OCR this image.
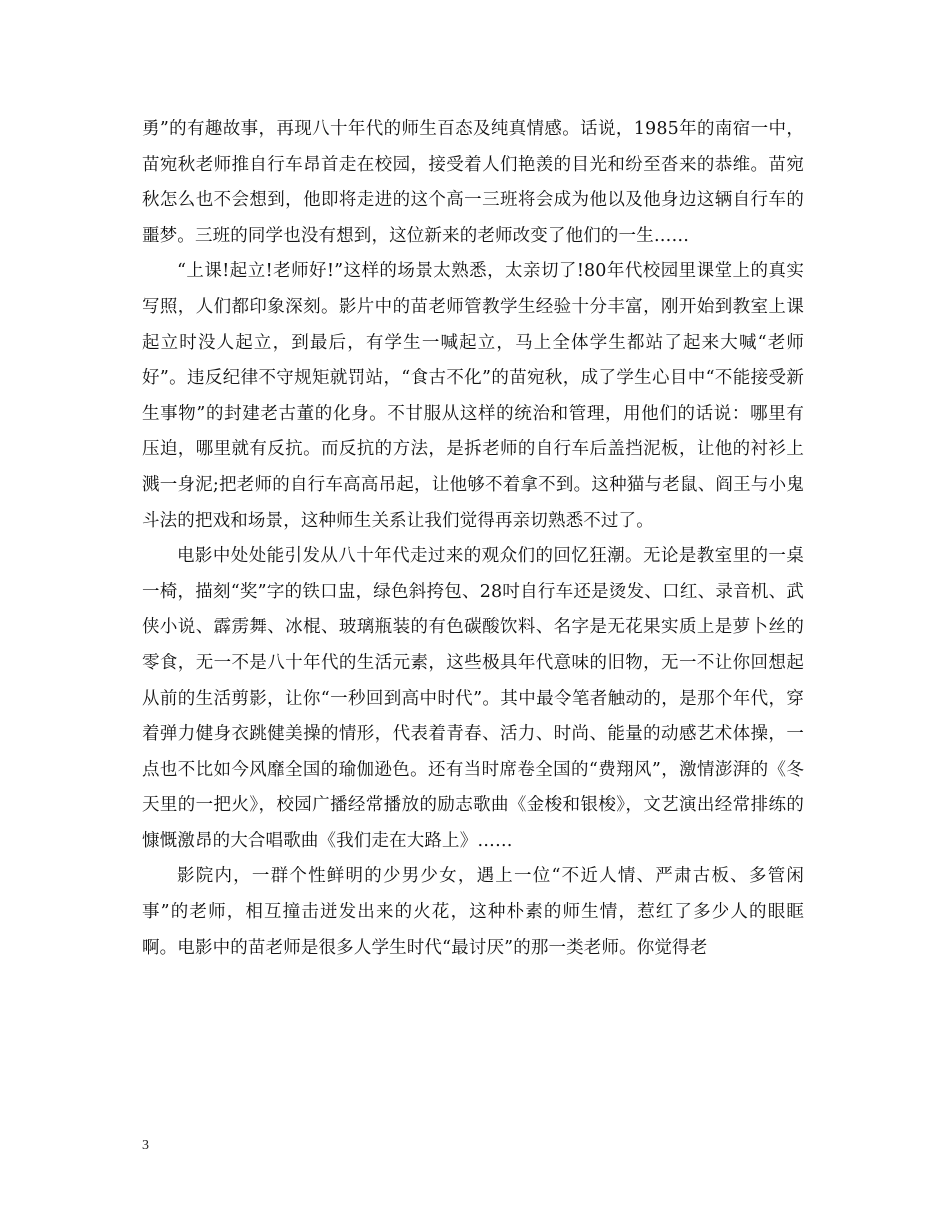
勇”的有趣故事，再现八十年代的师生百态及纯真情感。话说，1985年的南宿一中，苗宛秋老师推自行车昂首走在校园，接受着人们艳羡的目光和纷至沓来的恭维。苗宛秋怎么也不会想到，他即将走进的这个高一三班将会成为他以及他身边这辆自行车的噩梦。三班的同学也没有想到，这位新来的老师改变了他们的一生……

“上课!起立!老师好!”这样的场景太熟悉，太亲切了!80年代校园里课堂上的真实写照，人们都印象深刻。影片中的苗老师管教学生经验十分丰富，刚开始到教室上课起立时没人起立，到最后，有学生一喊起立，马上全体学生都站了起来大喊“老师好”。违反纪律不守规矩就罚站，“食古不化”的苗宛秋，成了学生心目中“不能接受新生事物”的封建老古董的化身。不甘服从这样的统治和管理，用他们的话说：哪里有压迫，哪里就有反抗。而反抗的方法，是拆老师的自行车后盖挡泥板，让他的衬衫上溅一身泥;把老师的自行车高高吊起，让他够不着拿不到。这种猫与老鼠、阎王与小鬼斗法的把戏和场景，这种师生关系让我们觉得再亲切熟悉不过了。

电影中处处能引发从八十年代走过来的观众们的回忆狂潮。无论是教室里的一桌一椅，描刻“奖”字的铁口盅，绿色斜挎包、28吋自行车还是烫发、口红、录音机、武侠小说、霹雳舞、冰棍、玻璃瓶装的有色碳酸饮料、名字是无花果实质上是萝卜丝的零食，无一不是八十年代的生活元素，这些极具年代意味的旧物，无一不让你回想起从前的生活剪影，让你“一秒回到高中时代”。其中最令笔者触动的，是那个年代，穿着弹力健身衣跳健美操的情形，代表着青春、活力、时尚、能量的动感艺术体操，一点也不比如今风靡全国的瑜伽逊色。还有当时席卷全国的“费翔风”，激情澎湃的《冬天里的一把火》，校园广播经常播放的励志歌曲《金梭和银梭》，文艺演出经常排练的慷慨激昂的大合唱歌曲《我们走在大路上》……

影院内，一群个性鲜明的少男少女，遇上一位“不近人情、严肃古板、多管闲事”的老师，相互撞击迸发出来的火花，这种朴素的师生情，惹红了多少人的眼眶啊。电影中的苗老师是很多人学生时代“最讨厌”的那一类老师。你觉得老

3
